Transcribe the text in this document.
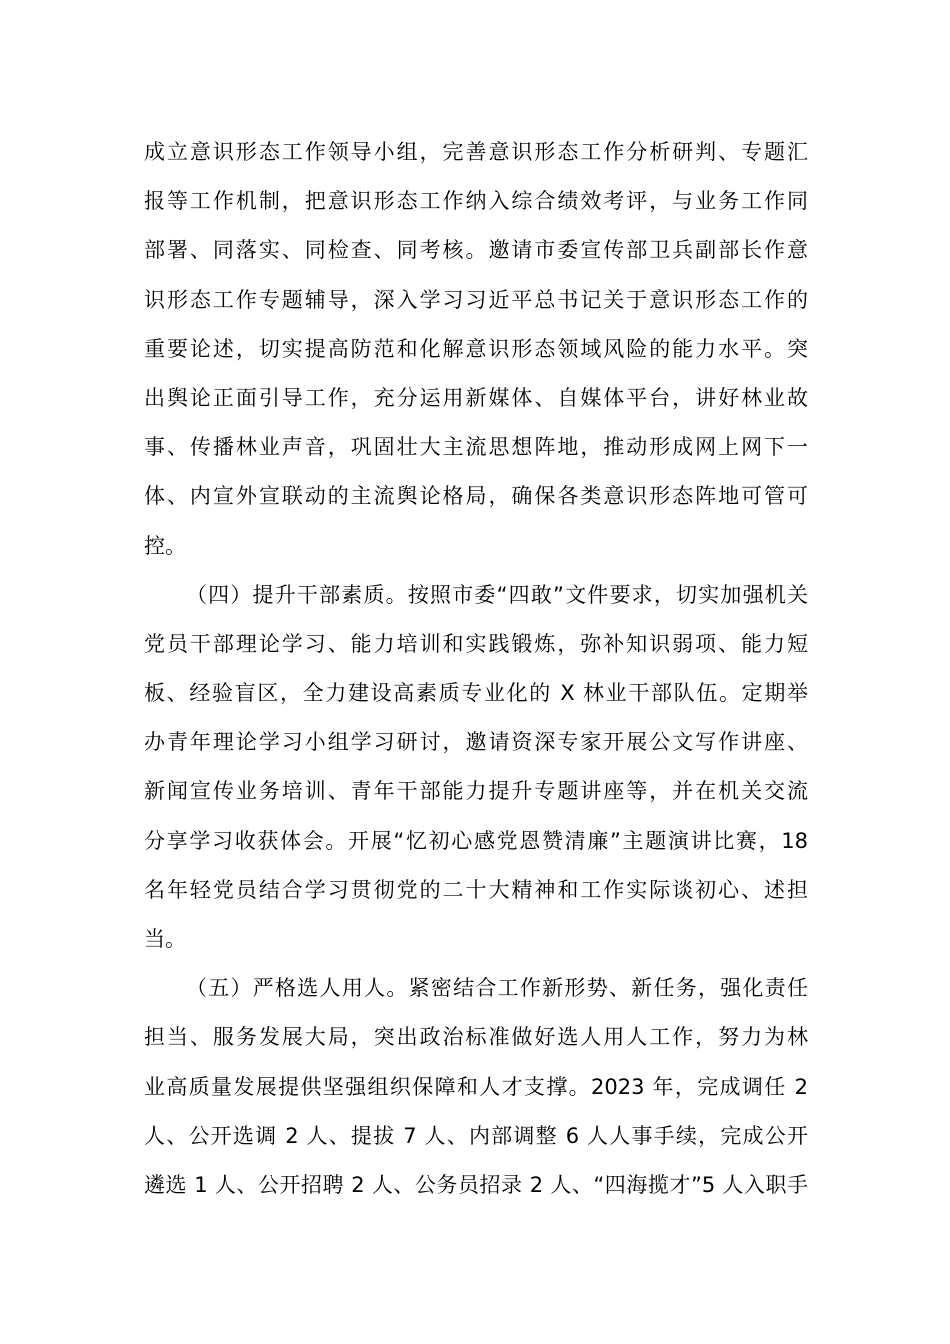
成立意识形态工作领导小组，完善意识形态工作分析研判、专题汇
报等工作机制，把意识形态工作纳入综合绩效考评，与业务工作同
部署、同落实、同检查、同考核。邀请市委宣传部卫兵副部长作意
识形态工作专题辅导，深入学习习近平总书记关于意识形态工作的
重要论述，切实提高防范和化解意识形态领域风险的能力水平。突
出舆论正面引导工作，充分运用新媒体、自媒体平台，讲好林业故
事、传播林业声音，巩固壮大主流思想阵地，推动形成网上网下一
体、内宣外宣联动的主流舆论格局，确保各类意识形态阵地可管可
控。
（四）提升干部素质。按照市委“四敢”文件要求，切实加强机关
党员干部理论学习、能力培训和实践锻炼，弥补知识弱项、能力短
板、经验盲区，全力建设高素质专业化的 X 林业干部队伍。定期举
办青年理论学习小组学习研讨，邀请资深专家开展公文写作讲座、
新闻宣传业务培训、青年干部能力提升专题讲座等，并在机关交流
分享学习收获体会。开展“忆初心感党恩赞清廉”主题演讲比赛，18
名年轻党员结合学习贯彻党的二十大精神和工作实际谈初心、述担
当。
（五）严格选人用人。紧密结合工作新形势、新任务，强化责任
担当、服务发展大局，突出政治标准做好选人用人工作，努力为林
业高质量发展提供坚强组织保障和人才支撑。2023 年，完成调任 2
人、公开选调 2 人、提拔 7 人、内部调整 6 人人事手续，完成公开
遴选 1 人、公开招聘 2 人、公务员招录 2 人、“四海揽才”5 人入职手
